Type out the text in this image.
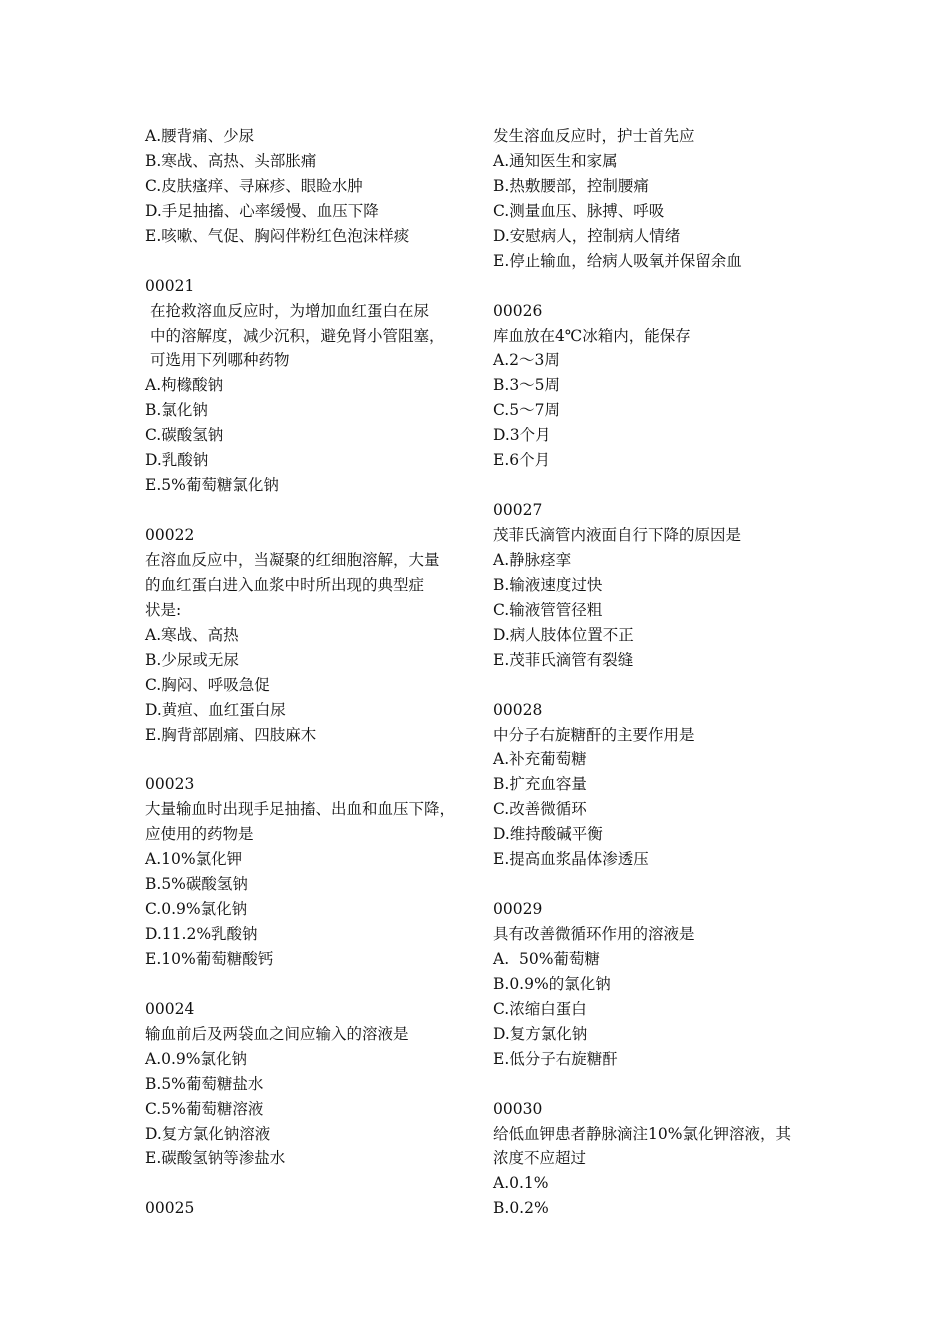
A.腰背痛、少尿
B.寒战、高热、头部胀痛
C.皮肤瘙痒、寻麻疹、眼睑水肿
D.手足抽搐、心率缓慢、血压下降
E.咳嗽、气促、胸闷伴粉红色泡沫样痰
00021
在抢救溶血反应时，为增加血红蛋白在尿
中的溶解度，减少沉积，避免肾小管阻塞，
可选用下列哪种药物
A.枸橼酸钠
B.氯化钠
C.碳酸氢钠
D.乳酸钠
E.5%葡萄糖氯化钠
00022
在溶血反应中，当凝聚的红细胞溶解，大量
的血红蛋白进入血浆中时所出现的典型症
状是:
A.寒战、高热
B.少尿或无尿
C.胸闷、呼吸急促
D.黄疸、血红蛋白尿
E.胸背部剧痛、四肢麻木
00023
大量输血时出现手足抽搐、出血和血压下降，
应使用的药物是
A.10%氯化钾
B.5%碳酸氢钠
C.0.9%氯化钠
D.11.2%乳酸钠
E.10%葡萄糖酸钙
00024
输血前后及两袋血之间应输入的溶液是
A.0.9%氯化钠
B.5%葡萄糖盐水
C.5%葡萄糖溶液
D.复方氯化钠溶液
E.碳酸氢钠等渗盐水
00025
发生溶血反应时，护士首先应
A.通知医生和家属
B.热敷腰部，控制腰痛
C.测量血压、脉搏、呼吸
D.安慰病人，控制病人情绪
E.停止输血，给病人吸氧并保留余血
00026
库血放在4℃冰箱内，能保存
A.2～3周
B.3～5周
C.5～7周
D.3个月
E.6个月
00027
茂菲氏滴管内液面自行下降的原因是
A.静脉痉挛
B.输液速度过快
C.输液管管径粗
D.病人肢体位置不正
E.茂菲氏滴管有裂缝
00028
中分子右旋糖酐的主要作用是
A.补充葡萄糖
B.扩充血容量
C.改善微循环
D.维持酸碱平衡
E.提高血浆晶体渗透压
00029
具有改善微循环作用的溶液是
A.  50%葡萄糖
B.0.9%的氯化钠
C.浓缩白蛋白
D.复方氯化钠
E.低分子右旋糖酐
00030
给低血钾患者静脉滴注10%氯化钾溶液，其
浓度不应超过
A.0.1%
B.0.2%
